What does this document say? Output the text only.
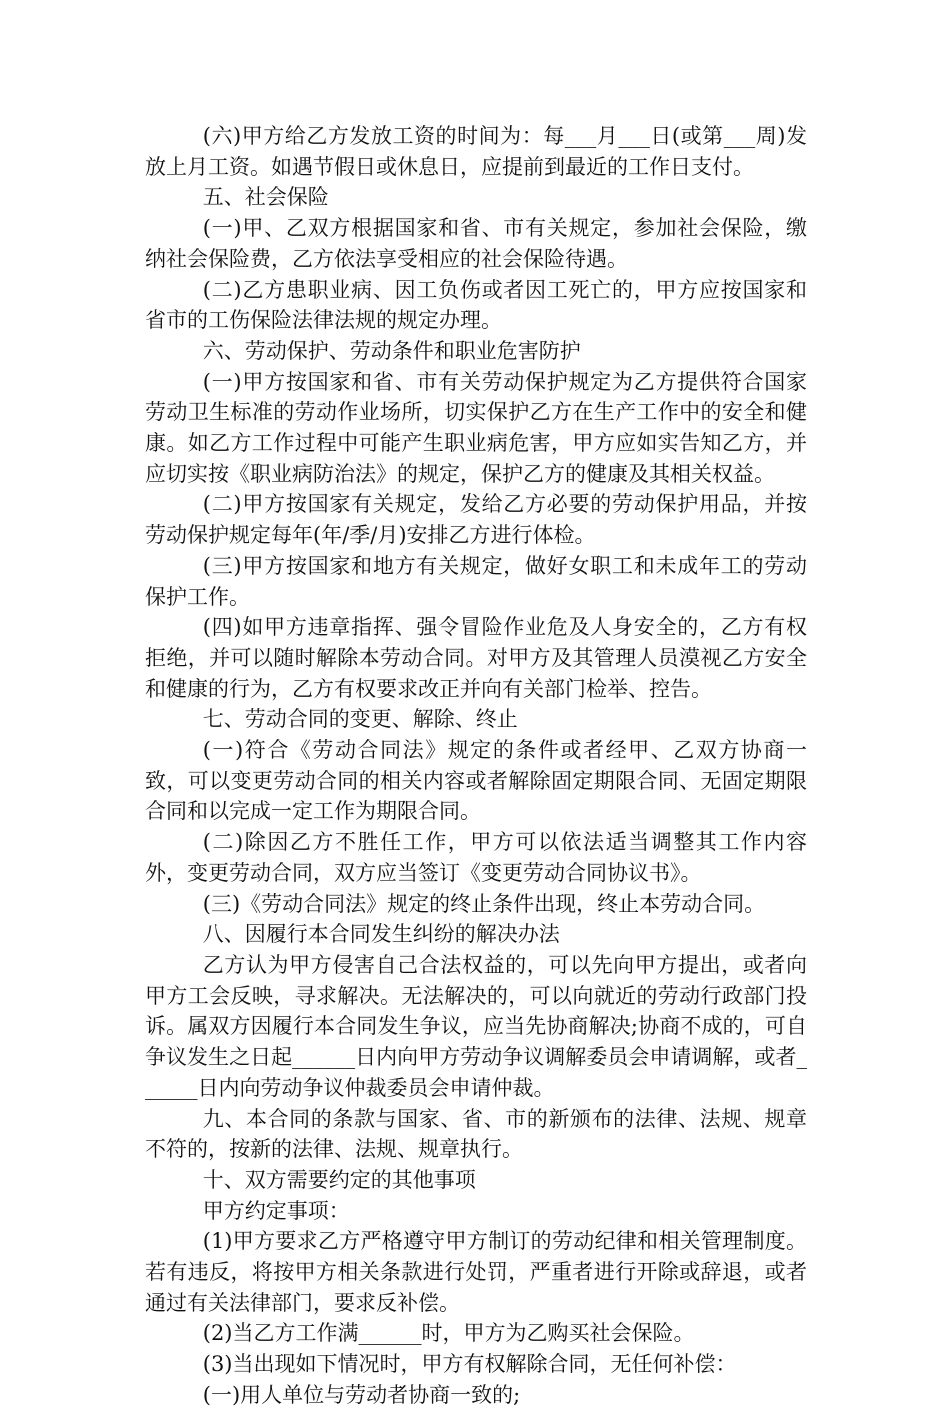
(六)甲方给乙方发放工资的时间为：每___月___日(或第___周)发放上月工资。如遇节假日或休息日，应提前到最近的工作日支付。

五、社会保险

(一)甲、乙双方根据国家和省、市有关规定，参加社会保险，缴纳社会保险费，乙方依法享受相应的社会保险待遇。

(二)乙方患职业病、因工负伤或者因工死亡的，甲方应按国家和省市的工伤保险法律法规的规定办理。

六、劳动保护、劳动条件和职业危害防护

(一)甲方按国家和省、市有关劳动保护规定为乙方提供符合国家劳动卫生标准的劳动作业场所，切实保护乙方在生产工作中的安全和健康。如乙方工作过程中可能产生职业病危害，甲方应如实告知乙方，并应切实按《职业病防治法》的规定，保护乙方的健康及其相关权益。

(二)甲方按国家有关规定，发给乙方必要的劳动保护用品，并按劳动保护规定每年(年/季/月)安排乙方进行体检。

(三)甲方按国家和地方有关规定，做好女职工和未成年工的劳动保护工作。

(四)如甲方违章指挥、强令冒险作业危及人身安全的，乙方有权拒绝，并可以随时解除本劳动合同。对甲方及其管理人员漠视乙方安全和健康的行为，乙方有权要求改正并向有关部门检举、控告。

七、劳动合同的变更、解除、终止

(一)符合《劳动合同法》规定的条件或者经甲、乙双方协商一致，可以变更劳动合同的相关内容或者解除固定期限合同、无固定期限合同和以完成一定工作为期限合同。

(二)除因乙方不胜任工作，甲方可以依法适当调整其工作内容外，变更劳动合同，双方应当签订《变更劳动合同协议书》。

(三)《劳动合同法》规定的终止条件出现，终止本劳动合同。

八、因履行本合同发生纠纷的解决办法

乙方认为甲方侵害自己合法权益的，可以先向甲方提出，或者向甲方工会反映，寻求解决。无法解决的，可以向就近的劳动行政部门投诉。属双方因履行本合同发生争议，应当先协商解决;协商不成的，可自争议发生之日起______日内向甲方劳动争议调解委员会申请调解，或者______日内向劳动争议仲裁委员会申请仲裁。

九、本合同的条款与国家、省、市的新颁布的法律、法规、规章不符的，按新的法律、法规、规章执行。

十、双方需要约定的其他事项

甲方约定事项：

(1)甲方要求乙方严格遵守甲方制订的劳动纪律和相关管理制度。若有违反，将按甲方相关条款进行处罚，严重者进行开除或辞退，或者通过有关法律部门，要求反补偿。

(2)当乙方工作满______时，甲方为乙购买社会保险。

(3)当出现如下情况时，甲方有权解除合同，无任何补偿：

(一)用人单位与劳动者协商一致的;
